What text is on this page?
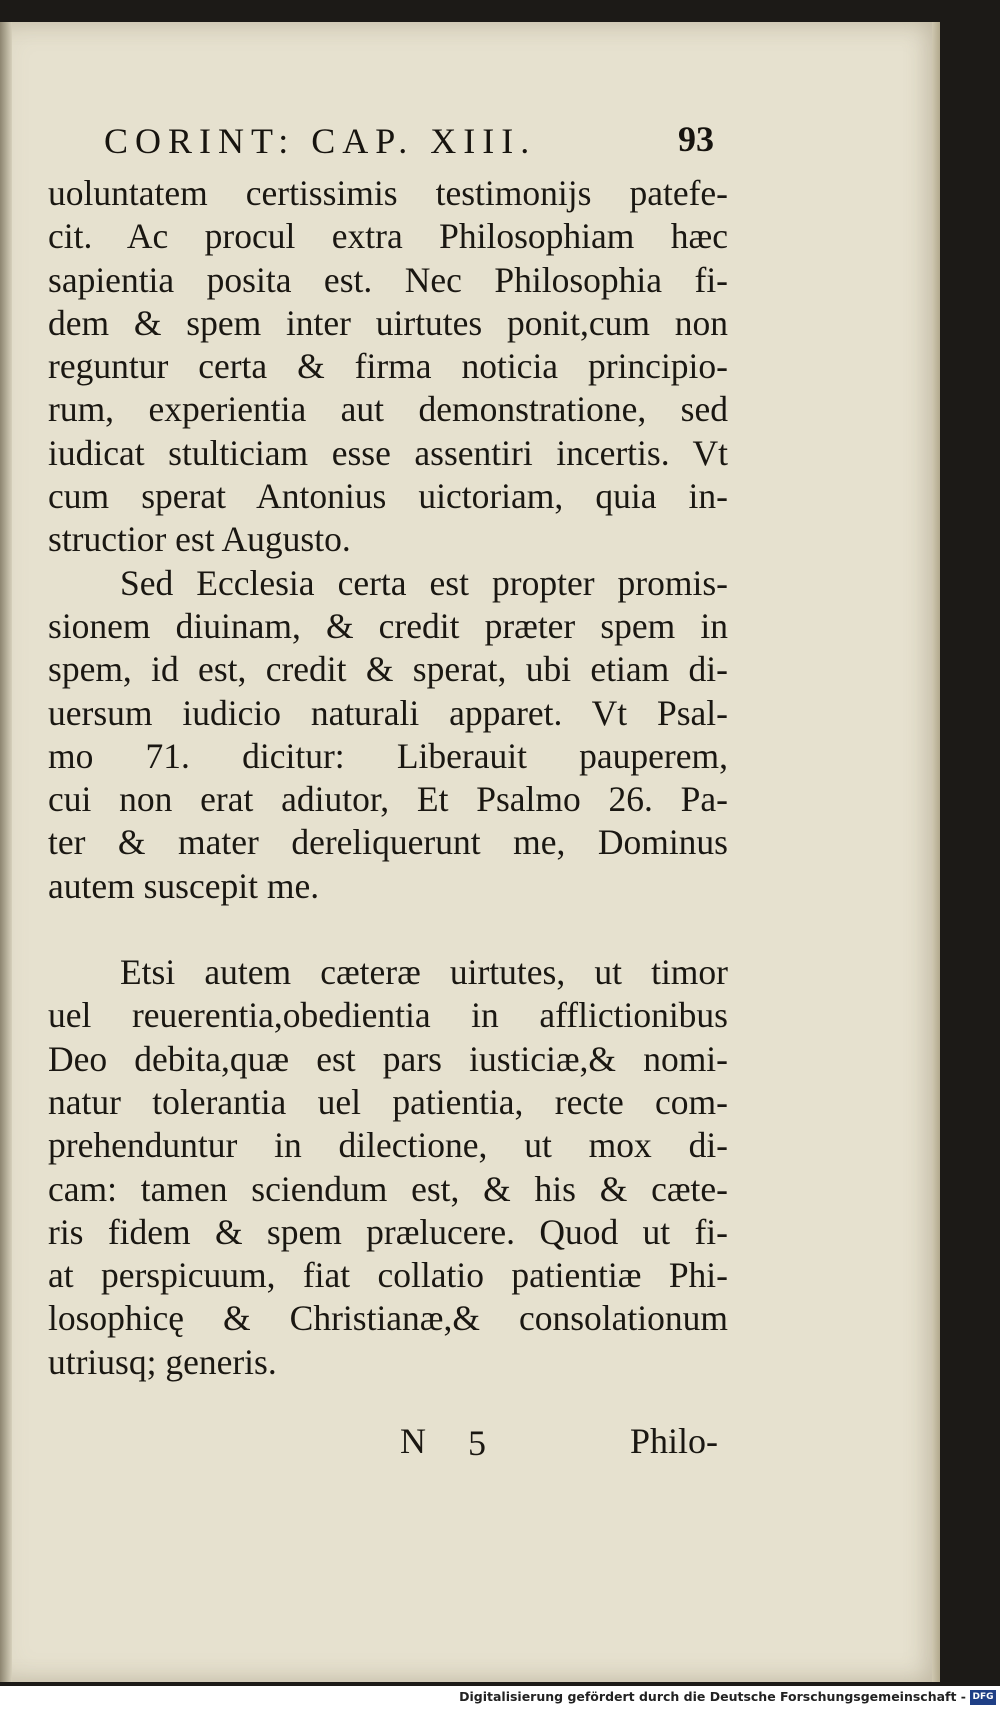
CORINT: CAP. XIII.	93
uoluntatem certissimis testimonijs patefe-
cit. Ac procul extra Philosophiam hæc
sapientia posita est. Nec Philosophia fi-
dem & spem inter uirtutes ponit,cum non
reguntur certa & firma noticia principio-
rum, experientia aut demonstratione, sed
iudicat stulticiam esse assentiri incertis. Vt
cum sperat Antonius uictoriam, quia in-
structior est Augusto.
Sed Ecclesia certa est propter promis-
sionem diuinam, & credit præter spem in
spem, id est, credit & sperat, ubi etiam di-
uersum iudicio naturali apparet. Vt Psal-
mo 71. dicitur: Liberauit pauperem,
cui non erat adiutor, Et Psalmo 26. Pa-
ter & mater dereliquerunt me, Dominus
autem suscepit me.
Etsi autem cæteræ uirtutes, ut timor
uel reuerentia,obedientia in afflictionibus
Deo debita,quæ est pars iusticiæ,& nomi-
natur tolerantia uel patientia, recte com-
prehenduntur in dilectione, ut mox di-
cam: tamen sciendum est, & his & cæte-
ris fidem & spem prælucere. Quod ut fi-
at perspicuum, fiat collatio patientiæ Phi-
losophicę & Christianæ,& consolationum
utriusq; generis.
N 5	Philo-
Digitalisierung gefördert durch die Deutsche Forschungsgemeinschaft - DFG
